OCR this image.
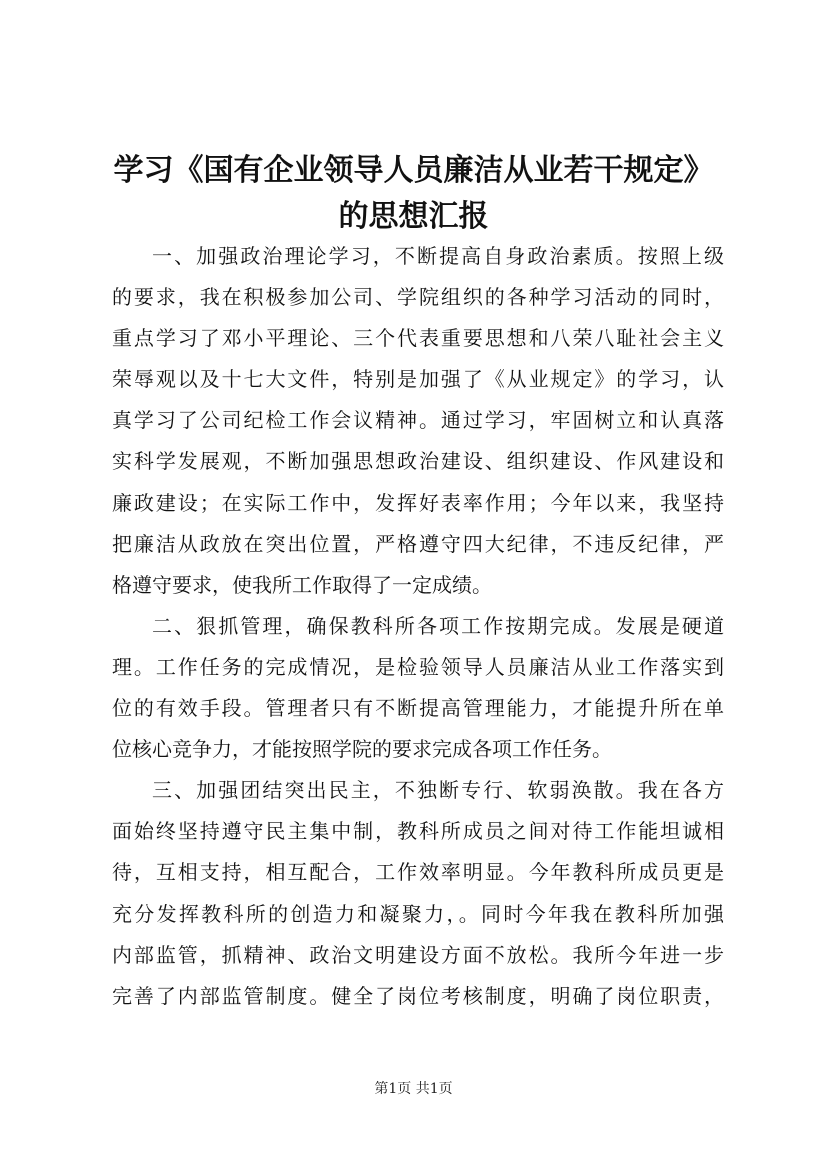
学习《国有企业领导人员廉洁从业若干规定》
的思想汇报
一、加强政治理论学习，不断提高自身政治素质。按照上级
的要求，我在积极参加公司、学院组织的各种学习活动的同时，
重点学习了邓小平理论、三个代表重要思想和八荣八耻社会主义
荣辱观以及十七大文件，特别是加强了《从业规定》的学习，认
真学习了公司纪检工作会议精神。通过学习，牢固树立和认真落
实科学发展观，不断加强思想政治建设、组织建设、作风建设和
廉政建设；在实际工作中，发挥好表率作用；今年以来，我坚持
把廉洁从政放在突出位置，严格遵守四大纪律，不违反纪律，严
格遵守要求，使我所工作取得了一定成绩。
二、狠抓管理，确保教科所各项工作按期完成。发展是硬道
理。工作任务的完成情况，是检验领导人员廉洁从业工作落实到
位的有效手段。管理者只有不断提高管理能力，才能提升所在单
位核心竞争力，才能按照学院的要求完成各项工作任务。
三、加强团结突出民主，不独断专行、软弱涣散。我在各方
面始终坚持遵守民主集中制，教科所成员之间对待工作能坦诚相
待，互相支持，相互配合，工作效率明显。今年教科所成员更是
充分发挥教科所的创造力和凝聚力，。同时今年我在教科所加强
内部监管，抓精神、政治文明建设方面不放松。我所今年进一步
完善了内部监管制度。健全了岗位考核制度，明确了岗位职责，
第1页 共1页
